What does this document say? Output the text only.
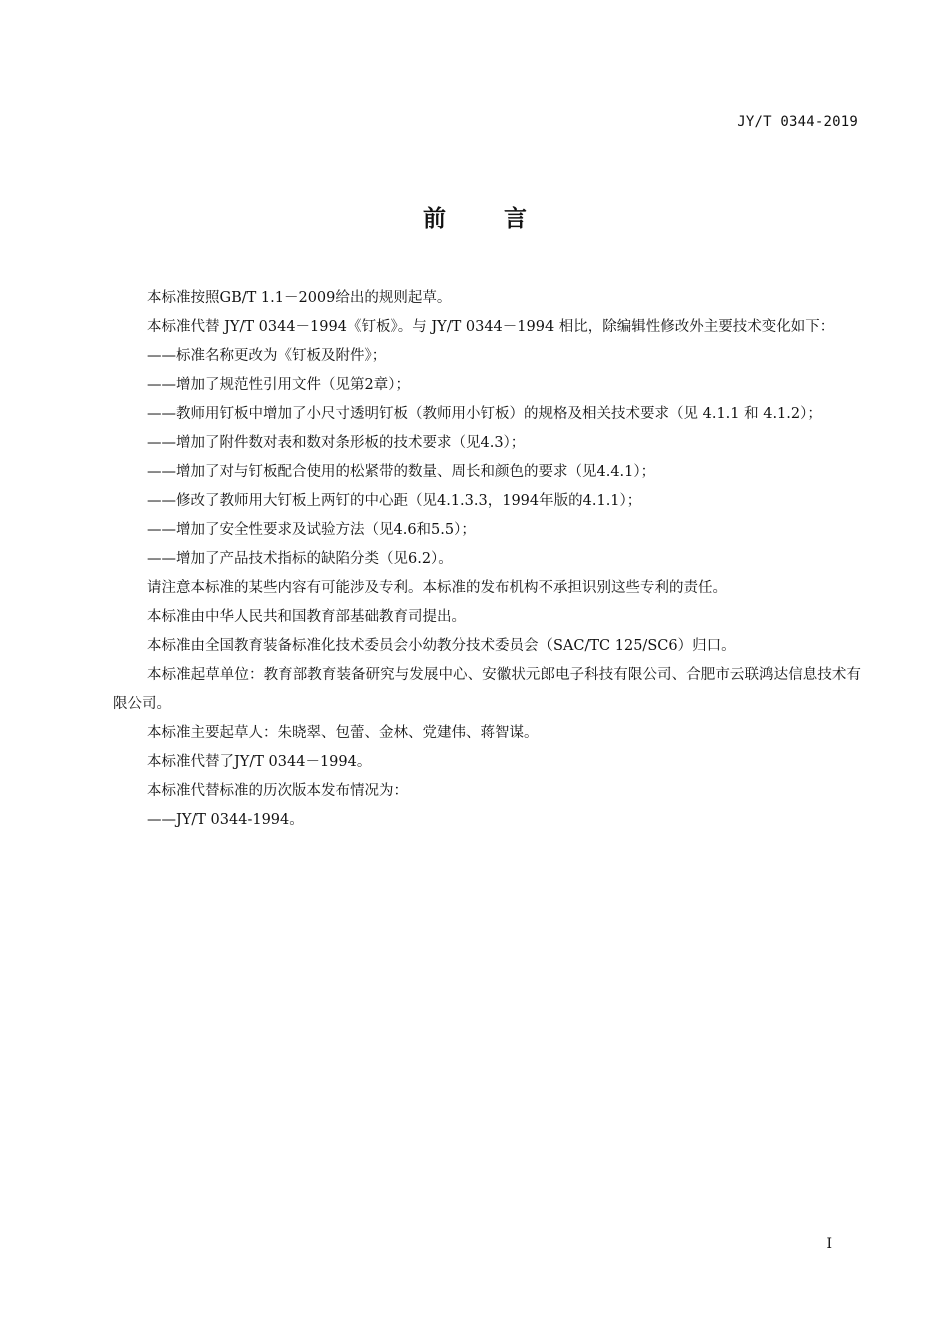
JY/T 0344-2019
前言

本标准按照GB/T 1.1－2009给出的规则起草。

本标准代替 JY/T 0344－1994《钉板》。与 JY/T 0344－1994 相比，除编辑性修改外主要技术变化如下：

——标准名称更改为《钉板及附件》；

——增加了规范性引用文件（见第2章）；

——教师用钉板中增加了小尺寸透明钉板（教师用小钉板）的规格及相关技术要求（见 4.1.1 和 4.1.2）；

——增加了附件数对表和数对条形板的技术要求（见4.3）；

——增加了对与钉板配合使用的松紧带的数量、周长和颜色的要求（见4.4.1）；

——修改了教师用大钉板上两钉的中心距（见4.1.3.3，1994年版的4.1.1）；

——增加了安全性要求及试验方法（见4.6和5.5）；

——增加了产品技术指标的缺陷分类（见6.2）。

请注意本标准的某些内容有可能涉及专利。本标准的发布机构不承担识别这些专利的责任。

本标准由中华人民共和国教育部基础教育司提出。

本标准由全国教育装备标准化技术委员会小幼教分技术委员会（SAC/TC 125/SC6）归口。

本标准起草单位：教育部教育装备研究与发展中心、安徽状元郎电子科技有限公司、合肥市云联鸿达信息技术有限公司。

本标准主要起草人：朱晓翠、包蕾、金林、党建伟、蒋智谋。

本标准代替了JY/T 0344－1994。

本标准代替标准的历次版本发布情况为：

——JY/T 0344-1994。

I
